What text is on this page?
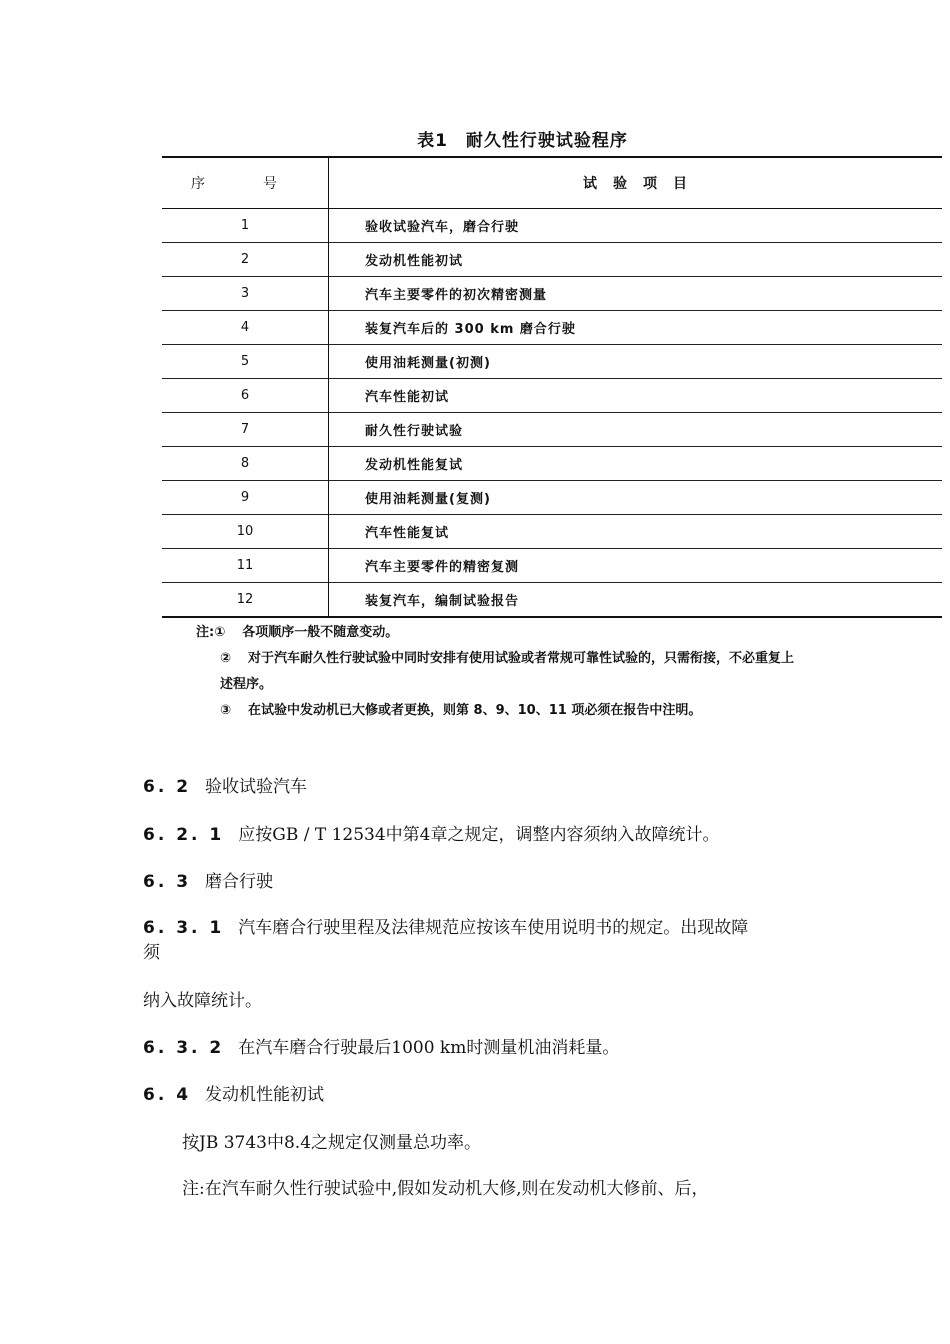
表1　耐久性行驶试验程序
序　号	试　验　项　目
1	验收试验汽车，磨合行驶
2	发动机性能初试
3	汽车主要零件的初次精密测量
4	装复汽车后的 300 km 磨合行驶
5	使用油耗测量(初测)
6	汽车性能初试
7	耐久性行驶试验
8	发动机性能复试
9	使用油耗测量(复测)
10	汽车性能复试
11	汽车主要零件的精密复测
12	装复汽车，编制试验报告
注:① 各项顺序一般不随意变动。
② 对于汽车耐久性行驶试验中同时安排有使用试验或者常规可靠性试验的，只需衔接，不必重复上
述程序。
③ 在试验中发动机已大修或者更换，则第 8、9、10、11 项必须在报告中注明。
6. 2 验收试验汽车
6. 2. 1 应按GB / T 12534中第4章之规定，调整内容须纳入故障统计。
6. 3 磨合行驶
6. 3. 1 汽车磨合行驶里程及法律规范应按该车使用说明书的规定。出现故障
须
纳入故障统计。
6. 3. 2 在汽车磨合行驶最后1000 km时测量机油消耗量。
6. 4 发动机性能初试
按JB 3743中8.4之规定仅测量总功率。
注:在汽车耐久性行驶试验中,假如发动机大修,则在发动机大修前、后，
